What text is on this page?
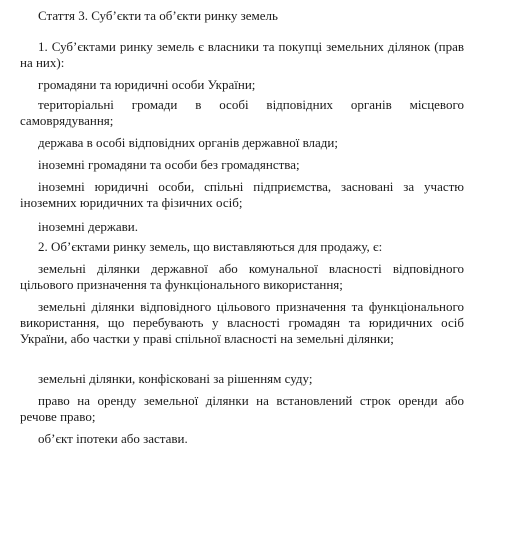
Стаття 3. Суб’єкти та об’єкти ринку земель
1. Суб’єктами ринку земель є власники та покупці земельних ділянок (прав на них):
громадяни та юридичні особи України;
територіальні громади в особі відповідних органів місцевого самоврядування;
держава в особі відповідних органів державної влади;
іноземні громадяни та особи без громадянства;
іноземні юридичні особи, спільні підприємства, засновані за участю іноземних юридичних та фізичних осіб;
іноземні держави.
2. Об’єктами ринку земель, що виставляються для продажу, є:
земельні ділянки державної або комунальної власності відповідного цільового призначення та функціонального використання;
земельні ділянки відповідного цільового призначення та функціонального використання, що перебувають у власності громадян та юридичних осіб України, або частки у праві спільної власності на земельні ділянки;
земельні ділянки, конфісковані за рішенням суду;
право на оренду земельної ділянки на встановлений строк оренди або речове право;
об’єкт іпотеки або застави.
